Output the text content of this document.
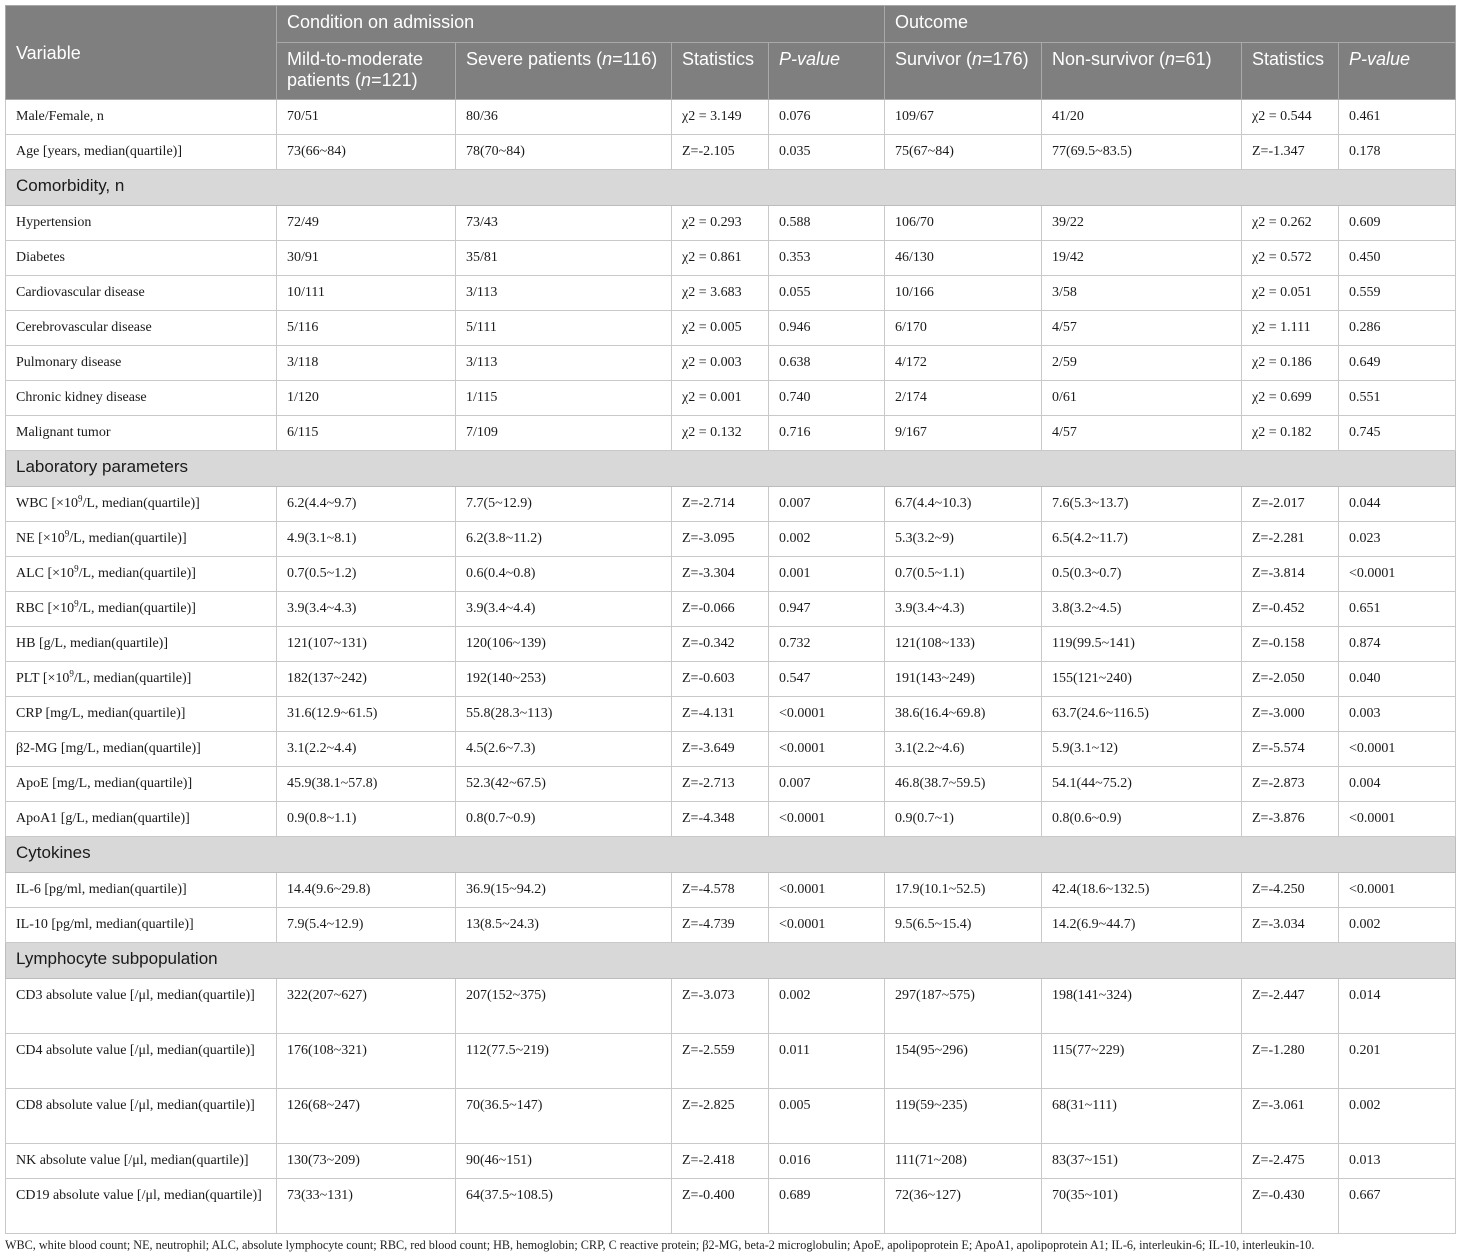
Variable	Condition on admission				Outcome			
	Mild-to-moderate patients (n=121)	Severe patients (n=116)	Statistics	P-value	Survivor (n=176)	Non-survivor (n=61)	Statistics	P-value
Male/Female, n	70/51	80/36	χ2 = 3.149	0.076	109/67	41/20	χ2 = 0.544	0.461
Age [years, median(quartile)]	73(66~84)	78(70~84)	Z=-2.105	0.035	75(67~84)	77(69.5~83.5)	Z=-1.347	0.178
Comorbidity, n								
Hypertension	72/49	73/43	χ2 = 0.293	0.588	106/70	39/22	χ2 = 0.262	0.609
Diabetes	30/91	35/81	χ2 = 0.861	0.353	46/130	19/42	χ2 = 0.572	0.450
Cardiovascular disease	10/111	3/113	χ2 = 3.683	0.055	10/166	3/58	χ2 = 0.051	0.559
Cerebrovascular disease	5/116	5/111	χ2 = 0.005	0.946	6/170	4/57	χ2 = 1.111	0.286
Pulmonary disease	3/118	3/113	χ2 = 0.003	0.638	4/172	2/59	χ2 = 0.186	0.649
Chronic kidney disease	1/120	1/115	χ2 = 0.001	0.740	2/174	0/61	χ2 = 0.699	0.551
Malignant tumor	6/115	7/109	χ2 = 0.132	0.716	9/167	4/57	χ2 = 0.182	0.745
Laboratory parameters								
WBC [$\times 10^9/L$, median(quartile)]	6.2(4.4~9.7)	7.7(5~12.9)	Z=-2.714	0.007	6.7(4.4~10.3)	7.6(5.3~13.7)	Z=-2.017	0.044
NE [$\times 10^9/L$, median(quartile)]	4.9(3.1~8.1)	6.2(3.8~11.2)	Z=-3.095	0.002	5.3(3.2~9)	6.5(4.2~11.7)	Z=-2.281	0.023
ALC [$\times 10^9/L$, median(quartile)]	0.7(0.5~1.2)	0.6(0.4~0.8)	Z=-3.304	0.001	0.7(0.5~1.1)	0.5(0.3~0.7)	Z=-3.814	<0.0001
RBC [$\times 10^9/L$, median(quartile)]	3.9(3.4~4.3)	3.9(3.4~4.4)	Z=-0.066	0.947	3.9(3.4~4.3)	3.8(3.2~4.5)	Z=-0.452	0.651
HB [g/L, median(quartile)]	121(107~131)	120(106~139)	Z=-0.342	0.732	121(108~133)	119(99.5~141)	Z=-0.158	0.874
PLT [$\times 10^9/L$, median(quartile)]	182(137~242)	192(140~253)	Z=-0.603	0.547	191(143~249)	155(121~240)	Z=-2.050	0.040
CRP [mg/L, median(quartile)]	31.6(12.9~61.5)	55.8(28.3~113)	Z=-4.131	<0.0001	38.6(16.4~69.8)	63.7(24.6~116.5)	Z=-3.000	0.003
β2-MG [mg/L, median(quartile)]	3.1(2.2~4.4)	4.5(2.6~7.3)	Z=-3.649	<0.0001	3.1(2.2~4.6)	5.9(3.1~12)	Z=-5.574	<0.0001
ApoE [mg/L, median(quartile)]	45.9(38.1~57.8)	52.3(42~67.5)	Z=-2.713	0.007	46.8(38.7~59.5)	54.1(44~75.2)	Z=-2.873	0.004
ApoA1 [g/L, median(quartile)]	0.9(0.8~1.1)	0.8(0.7~0.9)	Z=-4.348	<0.0001	0.9(0.7~1)	0.8(0.6~0.9)	Z=-3.876	<0.0001
Cytokines								
IL-6 [pg/ml, median(quartile)]	14.4(9.6~29.8)	36.9(15~94.2)	Z=-4.578	<0.0001	17.9(10.1~52.5)	42.4(18.6~132.5)	Z=-4.250	<0.0001
IL-10 [pg/ml, median(quartile)]	7.9(5.4~12.9)	13(8.5~24.3)	Z=-4.739	<0.0001	9.5(6.5~15.4)	14.2(6.9~44.7)	Z=-3.034	0.002
Lymphocyte subpopulation								
CD3 absolute value [/μl, median(quartile)]	322(207~627)	207(152~375)	Z=-3.073	0.002	297(187~575)	198(141~324)	Z=-2.447	0.014
CD4 absolute value [/μl, median(quartile)]	176(108~321)	112(77.5~219)	Z=-2.559	0.011	154(95~296)	115(77~229)	Z=-1.280	0.201
CD8 absolute value [/μl, median(quartile)]	126(68~247)	70(36.5~147)	Z=-2.825	0.005	119(59~235)	68(31~111)	Z=-3.061	0.002
NK absolute value [/μl, median(quartile)]	130(73~209)	90(46~151)	Z=-2.418	0.016	111(71~208)	83(37~151)	Z=-2.475	0.013
CD19 absolute value [/μl, median(quartile)]	73(33~131)	64(37.5~108.5)	Z=-0.400	0.689	72(36~127)	70(35~101)	Z=-0.430	0.667
WBC, white blood count; NE, neutrophil; ALC, absolute lymphocyte count; RBC, red blood count; HB, hemoglobin; CRP, C reactive protein; β2-MG, beta-2 microglobulin; ApoE, apolipoprotein E; ApoA1, apolipoprotein A1; IL-6, interleukin-6; IL-10, interleukin-10.
